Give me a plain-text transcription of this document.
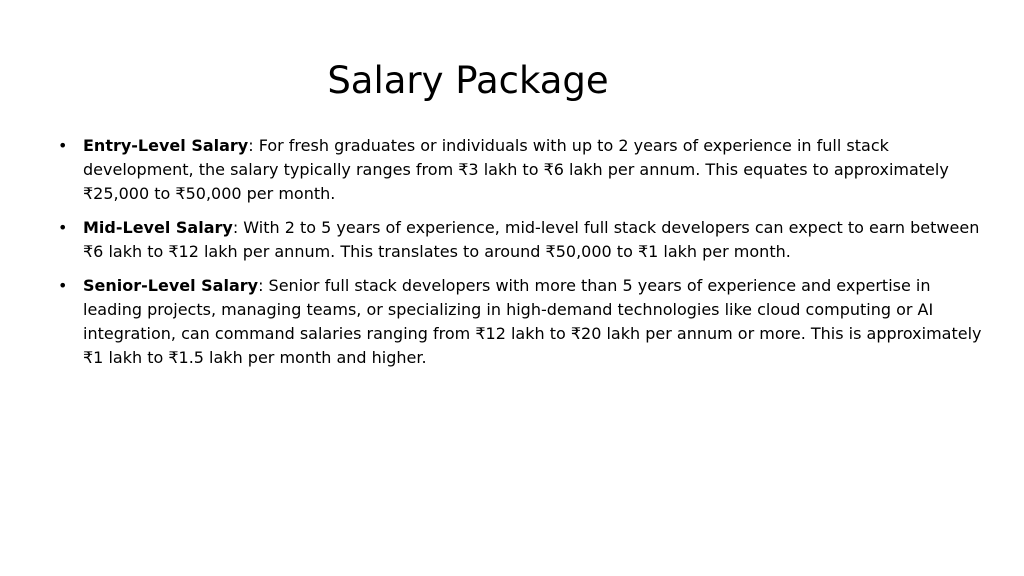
Salary Package
• Entry-Level Salary: For fresh graduates or individuals with up to 2 years of experience in full stack development, the salary typically ranges from ₹3 lakh to ₹6 lakh per annum. This equates to approximately ₹25,000 to ₹50,000 per month.
• Mid-Level Salary: With 2 to 5 years of experience, mid-level full stack developers can expect to earn between ₹6 lakh to ₹12 lakh per annum. This translates to around ₹50,000 to ₹1 lakh per month.
• Senior-Level Salary: Senior full stack developers with more than 5 years of experience and expertise in leading projects, managing teams, or specializing in high-demand technologies like cloud computing or AI integration, can command salaries ranging from ₹12 lakh to ₹20 lakh per annum or more. This is approximately ₹1 lakh to ₹1.5 lakh per month and higher.
